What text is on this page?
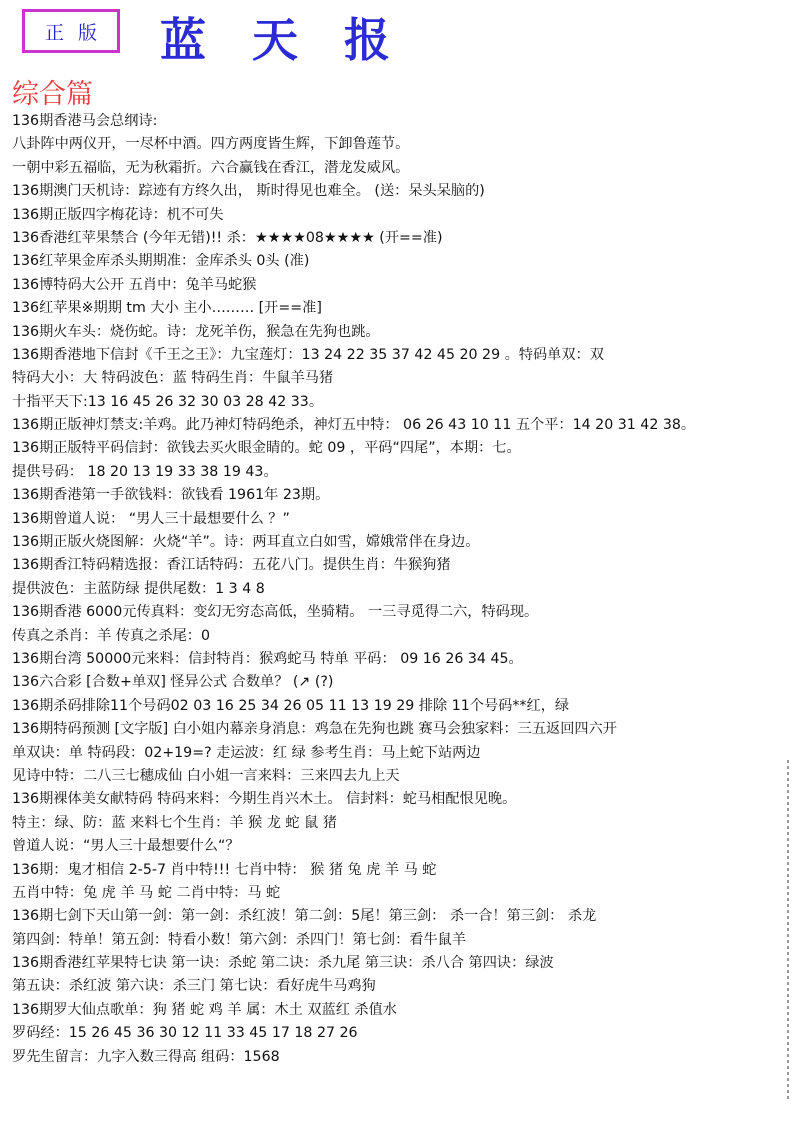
正版 蓝天报
综合篇
136期香港马会总纲诗:
八卦阵中两仪开，一尽杯中酒。四方两度皆生辉，下卸鲁莲节。
一朝中彩五福临，无为秋霜折。六合赢钱在香江，潜龙发威风。
136期澳门天机诗：踪迹有方终久出， 斯时得见也难全。 (送：呆头呆脑的)
136期正版四字梅花诗：机不可失
136香港红苹果禁合 (今年无错)!! 杀：★★★★08★★★★ (开==准)
136红苹果金库杀头期期准：金库杀头 0头 (准)
136博特码大公开 五肖中：兔羊马蛇猴
136红苹果※期期 tm 大小 主小……… [开==准]
136期火车头：烧伤蛇。诗：龙死羊伤，猴急在先狗也跳。
136期香港地下信封《千王之王》：九宝莲灯：13 24 22 35 37 42 45 20 29 。特码单双：双
特码大小：大 特码波色：蓝 特码生肖：牛鼠羊马猪
十指平天下:13 16 45 26 32 30 03 28 42 33。
136期正版神灯禁支:羊鸡。此乃神灯特码绝杀，神灯五中特： 06 26 43 10 11 五个平：14 20 31 42 38。
136期正版特平码信封：欲钱去买火眼金睛的。蛇 09 ，平码“四尾”，本期：七。
提供号码： 18 20 13 19 33 38 19 43。
136期香港第一手欲钱料：欲钱看 1961年 23期。
136期曾道人说： “男人三十最想要什么 ？”
136期正版火烧图解：火烧“羊”。诗：两耳直立白如雪，嫦娥常伴在身边。
136期香江特码精选报：香江话特码：五花八门。提供生肖：牛猴狗猪
提供波色：主蓝防绿 提供尾数：1 3 4 8
136期香港 6000元传真料：变幻无穷态高低，坐骑精。 一三寻觅得二六，特码现。
传真之杀肖：羊 传真之杀尾：0
136期台湾 50000元来料：信封特肖：猴鸡蛇马 特单 平码： 09 16 26 34 45。
136六合彩 [合数+单双] 怪异公式 合数单？ (↗ (?)
136期杀码排除11个号码02 03 16 25 34 26 05 11 13 19 29 排除 11个号码**红，绿
136期特码预测 [文字版] 白小姐内幕亲身消息：鸡急在先狗也跳 赛马会独家料：三五返回四六开
单双诀：单 特码段：02+19=? 走运波：红 绿 参考生肖：马上蛇下站两边
见诗中特：二八三七穗成仙 白小姐一言来料：三来四去九上天
136期裸体美女献特码 特码来料：今期生肖兴木土。 信封料：蛇马相配恨见晚。
特主：绿、防：蓝 来料七个生肖：羊 猴 龙 蛇 鼠 猪
曾道人说：“男人三十最想要什么“？
136期：鬼才相信 2-5-7 肖中特!!! 七肖中特： 猴 猪 兔 虎 羊 马 蛇
五肖中特：兔 虎 羊 马 蛇 二肖中特：马 蛇
136期七剑下天山第一剑：第一剑：杀红波！第二剑：5尾！第三剑： 杀一合！第三剑： 杀龙
第四剑：特单！第五剑：特看小数！第六剑：杀四门！第七剑：看牛鼠羊
136期香港红苹果特七诀 第一诀：杀蛇 第二诀：杀九尾 第三诀：杀八合 第四诀：绿波
第五诀：杀红波 第六诀：杀三门 第七诀：看好虎牛马鸡狗
136期罗大仙点歌单：狗 猪 蛇 鸡 羊 属：木土 双蓝红 杀值水
罗码经：15 26 45 36 30 12 11 33 45 17 18 27 26
罗先生留言：九字入数三得高 组码：1568
